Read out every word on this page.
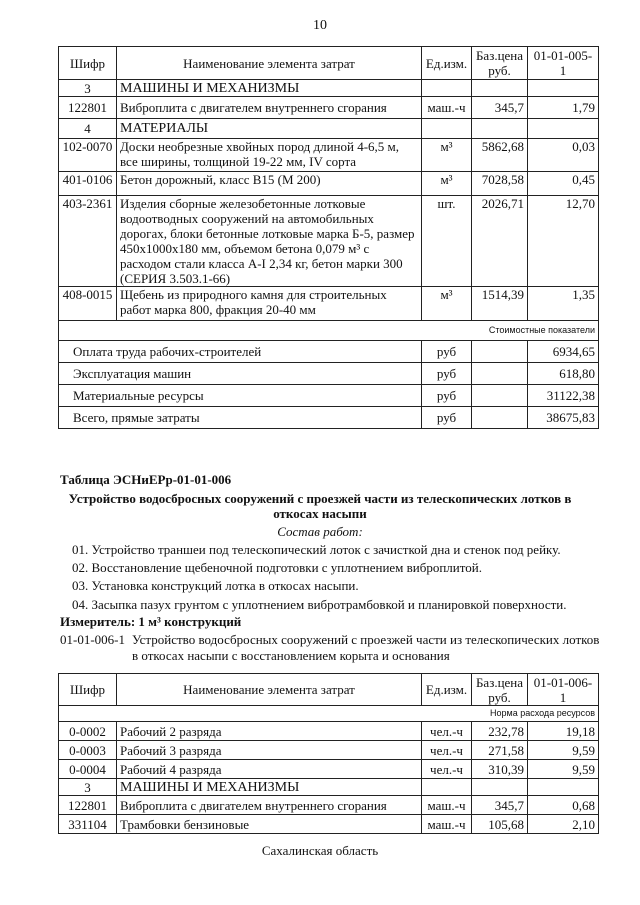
10
Шифр	Наименование элемента затрат	Ед.изм.	Баз.цена руб.	01-01-005-1
3	МАШИНЫ И МЕХАНИЗМЫ			
122801	Виброплита с двигателем внутреннего сгорания	маш.-ч	345,7	1,79
4	МАТЕРИАЛЫ			
102-0070	Доски необрезные хвойных пород длиной 4-6,5 м, все ширины, толщиной 19-22 мм, IV сорта	м³	5862,68	0,03
401-0106	Бетон дорожный, класс В15 (М 200)	м³	7028,58	0,45
403-2361	Изделия сборные железобетонные лотковые водоотводных сооружений на автомобильных дорогах, блоки бетонные лотковые марка Б-5, размер 450х1000х180 мм, объемом бетона 0,079 м³ с расходом стали класса А-I 2,34 кг, бетон марки 300 (СЕРИЯ 3.503.1-66)	шт.	2026,71	12,70
408-0015	Щебень из природного камня для строительных работ марка 800, фракция 20-40 мм	м³	1514,39	1,35
Стоимостные показатели				
Оплата труда рабочих-строителей		руб		6934,65
Эксплуатация машин		руб		618,80
Материальные ресурсы		руб		31122,38
Всего, прямые затраты		руб		38675,83
Таблица ЭСНиЕРр-01-01-006
Устройство водосбросных сооружений с проезжей части из телескопических лотков в
откосах насыпи
Состав работ:
01. Устройство траншеи под телескопический лоток с зачисткой дна и стенок под рейку.
02. Восстановление щебеночной подготовки с уплотнением виброплитой.
03. Установка конструкций лотка в откосах насыпи.
04. Засыпка пазух грунтом с уплотнением вибротрамбовкой и планировкой поверхности.
Измеритель: 1 м³ конструкций
01-01-006-1 Устройство водосбросных сооружений с проезжей части из телескопических лотков
в откосах насыпи с восстановлением корыта и основания
Шифр	Наименование элемента затрат	Ед.изм.	Баз.цена руб.	01-01-006-1
Норма расхода ресурсов				
0-0002	Рабочий 2 разряда	чел.-ч	232,78	19,18
0-0003	Рабочий 3 разряда	чел.-ч	271,58	9,59
0-0004	Рабочий 4 разряда	чел.-ч	310,39	9,59
3	МАШИНЫ И МЕХАНИЗМЫ			
122801	Виброплита с двигателем внутреннего сгорания	маш.-ч	345,7	0,68
331104	Трамбовки бензиновые	маш.-ч	105,68	2,10
Сахалинская область
